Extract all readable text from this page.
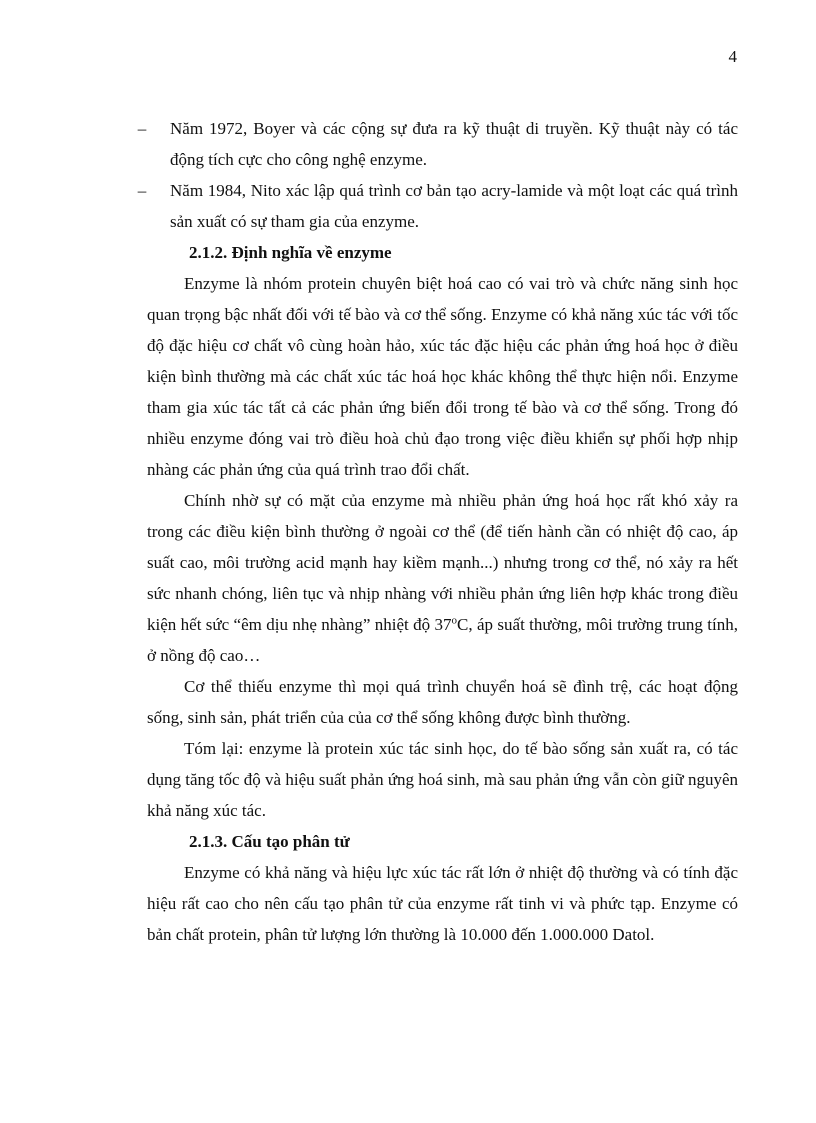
4

– Năm 1972, Boyer và các cộng sự đưa ra kỹ thuật di truyền. Kỹ thuật này có tác động tích cực cho công nghệ enzyme.

– Năm 1984, Nito xác lập quá trình cơ bản tạo acry-lamide và một loạt các quá trình sản xuất có sự tham gia của enzyme.

2.1.2. Định nghĩa về enzyme

Enzyme là nhóm protein chuyên biệt hoá cao có vai trò và chức năng sinh học quan trọng bậc nhất đối với tế bào và cơ thể sống. Enzyme có khả năng xúc tác với tốc độ đặc hiệu cơ chất vô cùng hoàn hảo, xúc tác đặc hiệu các phản ứng hoá học ở điều kiện bình thường mà các chất xúc tác hoá học khác không thể thực hiện nổi. Enzyme tham gia xúc tác tất cả các phản ứng biến đổi trong tế bào và cơ thể sống. Trong đó nhiều enzyme đóng vai trò điều hoà chủ đạo trong việc điều khiển sự phối hợp nhịp nhàng các phản ứng của quá trình trao đổi chất.

Chính nhờ sự có mặt của enzyme mà nhiều phản ứng hoá học rất khó xảy ra trong các điều kiện bình thường ở ngoài cơ thể (để tiến hành cần có nhiệt độ cao, áp suất cao, môi trường acid mạnh hay kiềm mạnh...) nhưng trong cơ thể, nó xảy ra hết sức nhanh chóng, liên tục và nhịp nhàng với nhiều phản ứng liên hợp khác trong điều kiện hết sức “êm dịu nhẹ nhàng” nhiệt độ 37$^o$C, áp suất thường, môi trường trung tính, ở nồng độ cao…

Cơ thể thiếu enzyme thì mọi quá trình chuyển hoá sẽ đình trệ, các hoạt động sống, sinh sản, phát triển của của cơ thể sống không được bình thường.

Tóm lại: enzyme là protein xúc tác sinh học, do tế bào sống sản xuất ra, có tác dụng tăng tốc độ và hiệu suất phản ứng hoá sinh, mà sau phản ứng vẫn còn giữ nguyên khả năng xúc tác.

2.1.3. Cấu tạo phân tử

Enzyme có khả năng và hiệu lực xúc tác rất lớn ở nhiệt độ thường và có tính đặc hiệu rất cao cho nên cấu tạo phân tử của enzyme rất tinh vi và phức tạp. Enzyme có bản chất protein, phân tử lượng lớn thường là 10.000 đến 1.000.000 Datol.
